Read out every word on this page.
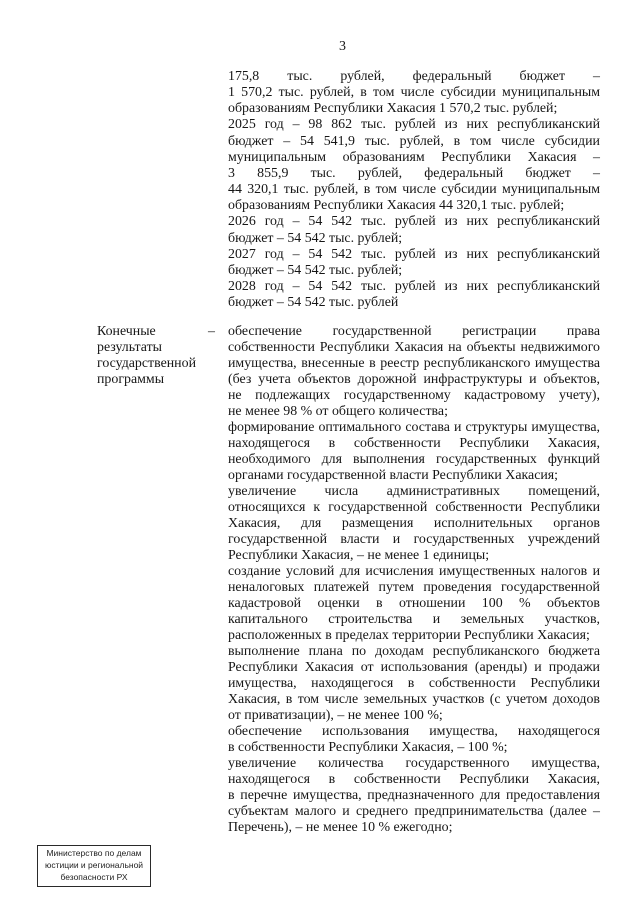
3
175,8 тыс. рублей, федеральный бюджет –
1 570,2 тыс. рублей, в том числе субсидии муниципальным
образованиям Республики Хакасия 1 570,2 тыс. рублей;
2025 год – 98 862 тыс. рублей из них республиканский
бюджет – 54 541,9 тыс. рублей, в том числе субсидии
муниципальным образованиям Республики Хакасия –
3 855,9 тыс. рублей, федеральный бюджет –
44 320,1 тыс. рублей, в том числе субсидии муниципальным
образованиям Республики Хакасия 44 320,1 тыс. рублей;
2026 год – 54 542 тыс. рублей из них республиканский
бюджет – 54 542 тыс. рублей;
2027 год – 54 542 тыс. рублей из них республиканский
бюджет – 54 542 тыс. рублей;
2028 год – 54 542 тыс. рублей из них республиканский
бюджет – 54 542 тыс. рублей
Конечные
результаты
государственной
программы
– обеспечение государственной регистрации права
собственности Республики Хакасия на объекты недвижимого
имущества, внесенные в реестр республиканского имущества
(без учета объектов дорожной инфраструктуры и объектов,
не подлежащих государственному кадастровому учету),
не менее 98 % от общего количества;
формирование оптимального состава и структуры имущества,
находящегося в собственности Республики Хакасия,
необходимого для выполнения государственных функций
органами государственной власти Республики Хакасия;
увеличение числа административных помещений,
относящихся к государственной собственности Республики
Хакасия, для размещения исполнительных органов
государственной власти и государственных учреждений
Республики Хакасия, – не менее 1 единицы;
создание условий для исчисления имущественных налогов и
неналоговых платежей путем проведения государственной
кадастровой оценки в отношении 100 % объектов
капитального строительства и земельных участков,
расположенных в пределах территории Республики Хакасия;
выполнение плана по доходам республиканского бюджета
Республики Хакасия от использования (аренды) и продажи
имущества, находящегося в собственности Республики
Хакасия, в том числе земельных участков (с учетом доходов
от приватизации), – не менее 100 %;
обеспечение использования имущества, находящегося
в собственности Республики Хакасия, – 100 %;
увеличение количества государственного имущества,
находящегося в собственности Республики Хакасия,
в перечне имущества, предназначенного для предоставления
субъектам малого и среднего предпринимательства (далее –
Перечень), – не менее 10 % ежегодно;
Министерство по делам
юстиции и региональной
безопасности РХ
